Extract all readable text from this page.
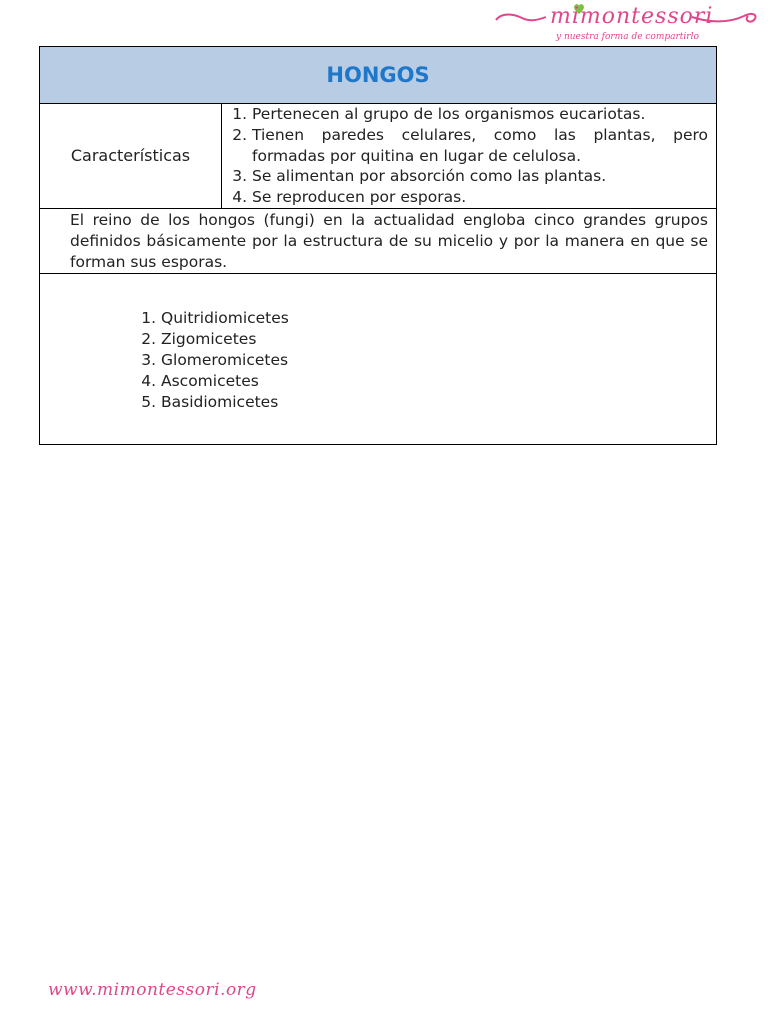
mimontessori
y nuestra forma de compartirlo
HONGOS
Características	
1. Pertenecen al grupo de los organismos eucariotas.
2. Tienen paredes celulares, como las plantas, pero formadas por quitina en lugar de celulosa.
3. Se alimentan por absorción como las plantas.
4. Se reproducen por esporas.

El reino de los hongos (fungi) en la actualidad engloba cinco grandes grupos definidos básicamente por la estructura de su micelio y por la manera en que se forman sus esporas.

1. Quitridiomicetes
2. Zigomicetes
3. Glomeromicetes
4. Ascomicetes
5. Basidiomicetes
www.mimontessori.org
